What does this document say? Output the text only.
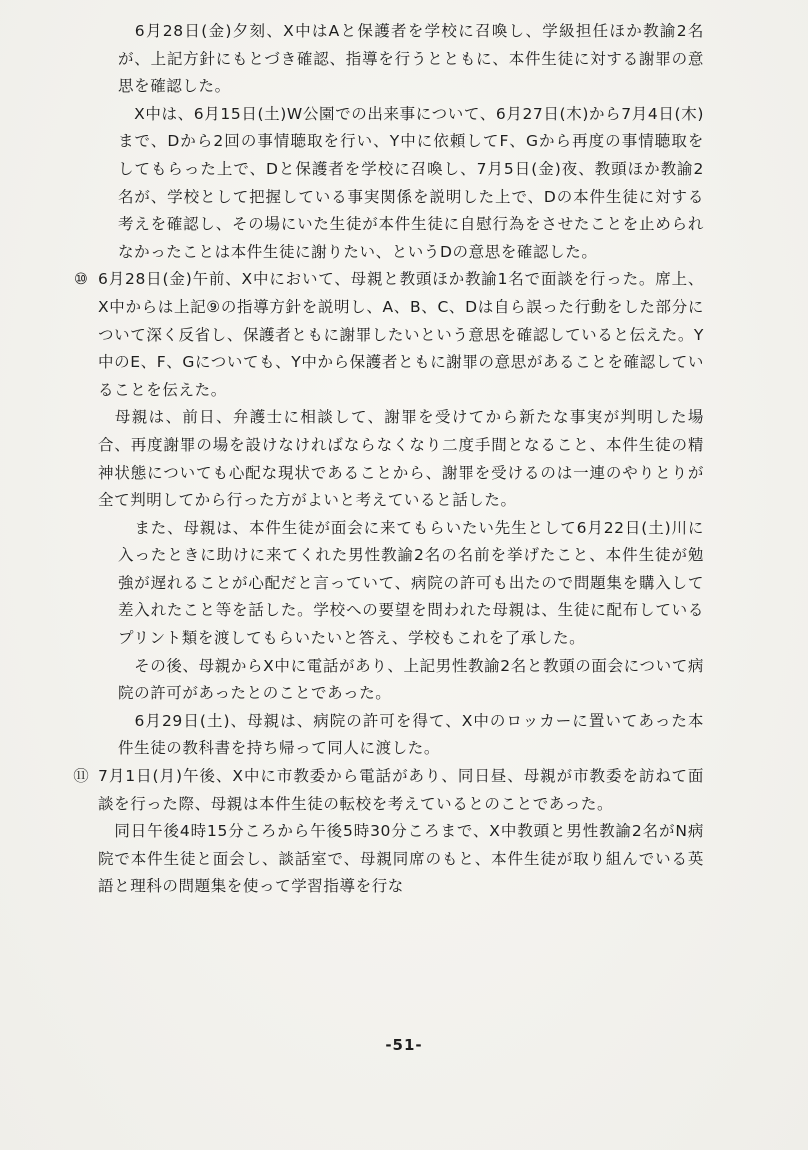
　6月28日(金)夕刻、X中はAと保護者を学校に召喚し、学級担任ほか教諭2名が、上記方針にもとづき確認、指導を行うとともに、本件生徒に対する謝罪の意思を確認した。

　X中は、6月15日(土)W公園での出来事について、6月27日(木)から7月4日(木)まで、Dから2回の事情聴取を行い、Y中に依頼してF、Gから再度の事情聴取をしてもらった上で、Dと保護者を学校に召喚し、7月5日(金)夜、教頭ほか教諭2名が、学校として把握している事実関係を説明した上で、Dの本件生徒に対する考えを確認し、その場にいた生徒が本件生徒に自慰行為をさせたことを止められなかったことは本件生徒に謝りたい、というDの意思を確認した。

⑩ 6月28日(金)午前、X中において、母親と教頭ほか教諭1名で面談を行った。席上、X中からは上記⑨の指導方針を説明し、A、B、C、Dは自ら誤った行動をした部分について深く反省し、保護者ともに謝罪したいという意思を確認していると伝えた。Y中のE、F、Gについても、Y中から保護者ともに謝罪の意思があることを確認していることを伝えた。

　母親は、前日、弁護士に相談して、謝罪を受けてから新たな事実が判明した場合、再度謝罪の場を設けなければならなくなり二度手間となること、本件生徒の精神状態についても心配な現状であることから、謝罪を受けるのは一連のやりとりが全て判明してから行った方がよいと考えていると話した。

　また、母親は、本件生徒が面会に来てもらいたい先生として6月22日(土)川に入ったときに助けに来てくれた男性教諭2名の名前を挙げたこと、本件生徒が勉強が遅れることが心配だと言っていて、病院の許可も出たので問題集を購入して差入れたこと等を話した。学校への要望を問われた母親は、生徒に配布しているプリント類を渡してもらいたいと答え、学校もこれを了承した。

　その後、母親からX中に電話があり、上記男性教諭2名と教頭の面会について病院の許可があったとのことであった。

　6月29日(土)、母親は、病院の許可を得て、X中のロッカーに置いてあった本件生徒の教科書を持ち帰って同人に渡した。

⑪ 7月1日(月)午後、X中に市教委から電話があり、同日昼、母親が市教委を訪ねて面談を行った際、母親は本件生徒の転校を考えているとのことであった。

　同日午後4時15分ころから午後5時30分ころまで、X中教頭と男性教諭2名がN病院で本件生徒と面会し、談話室で、母親同席のもと、本件生徒が取り組んでいる英語と理科の問題集を使って学習指導を行な

-51-
